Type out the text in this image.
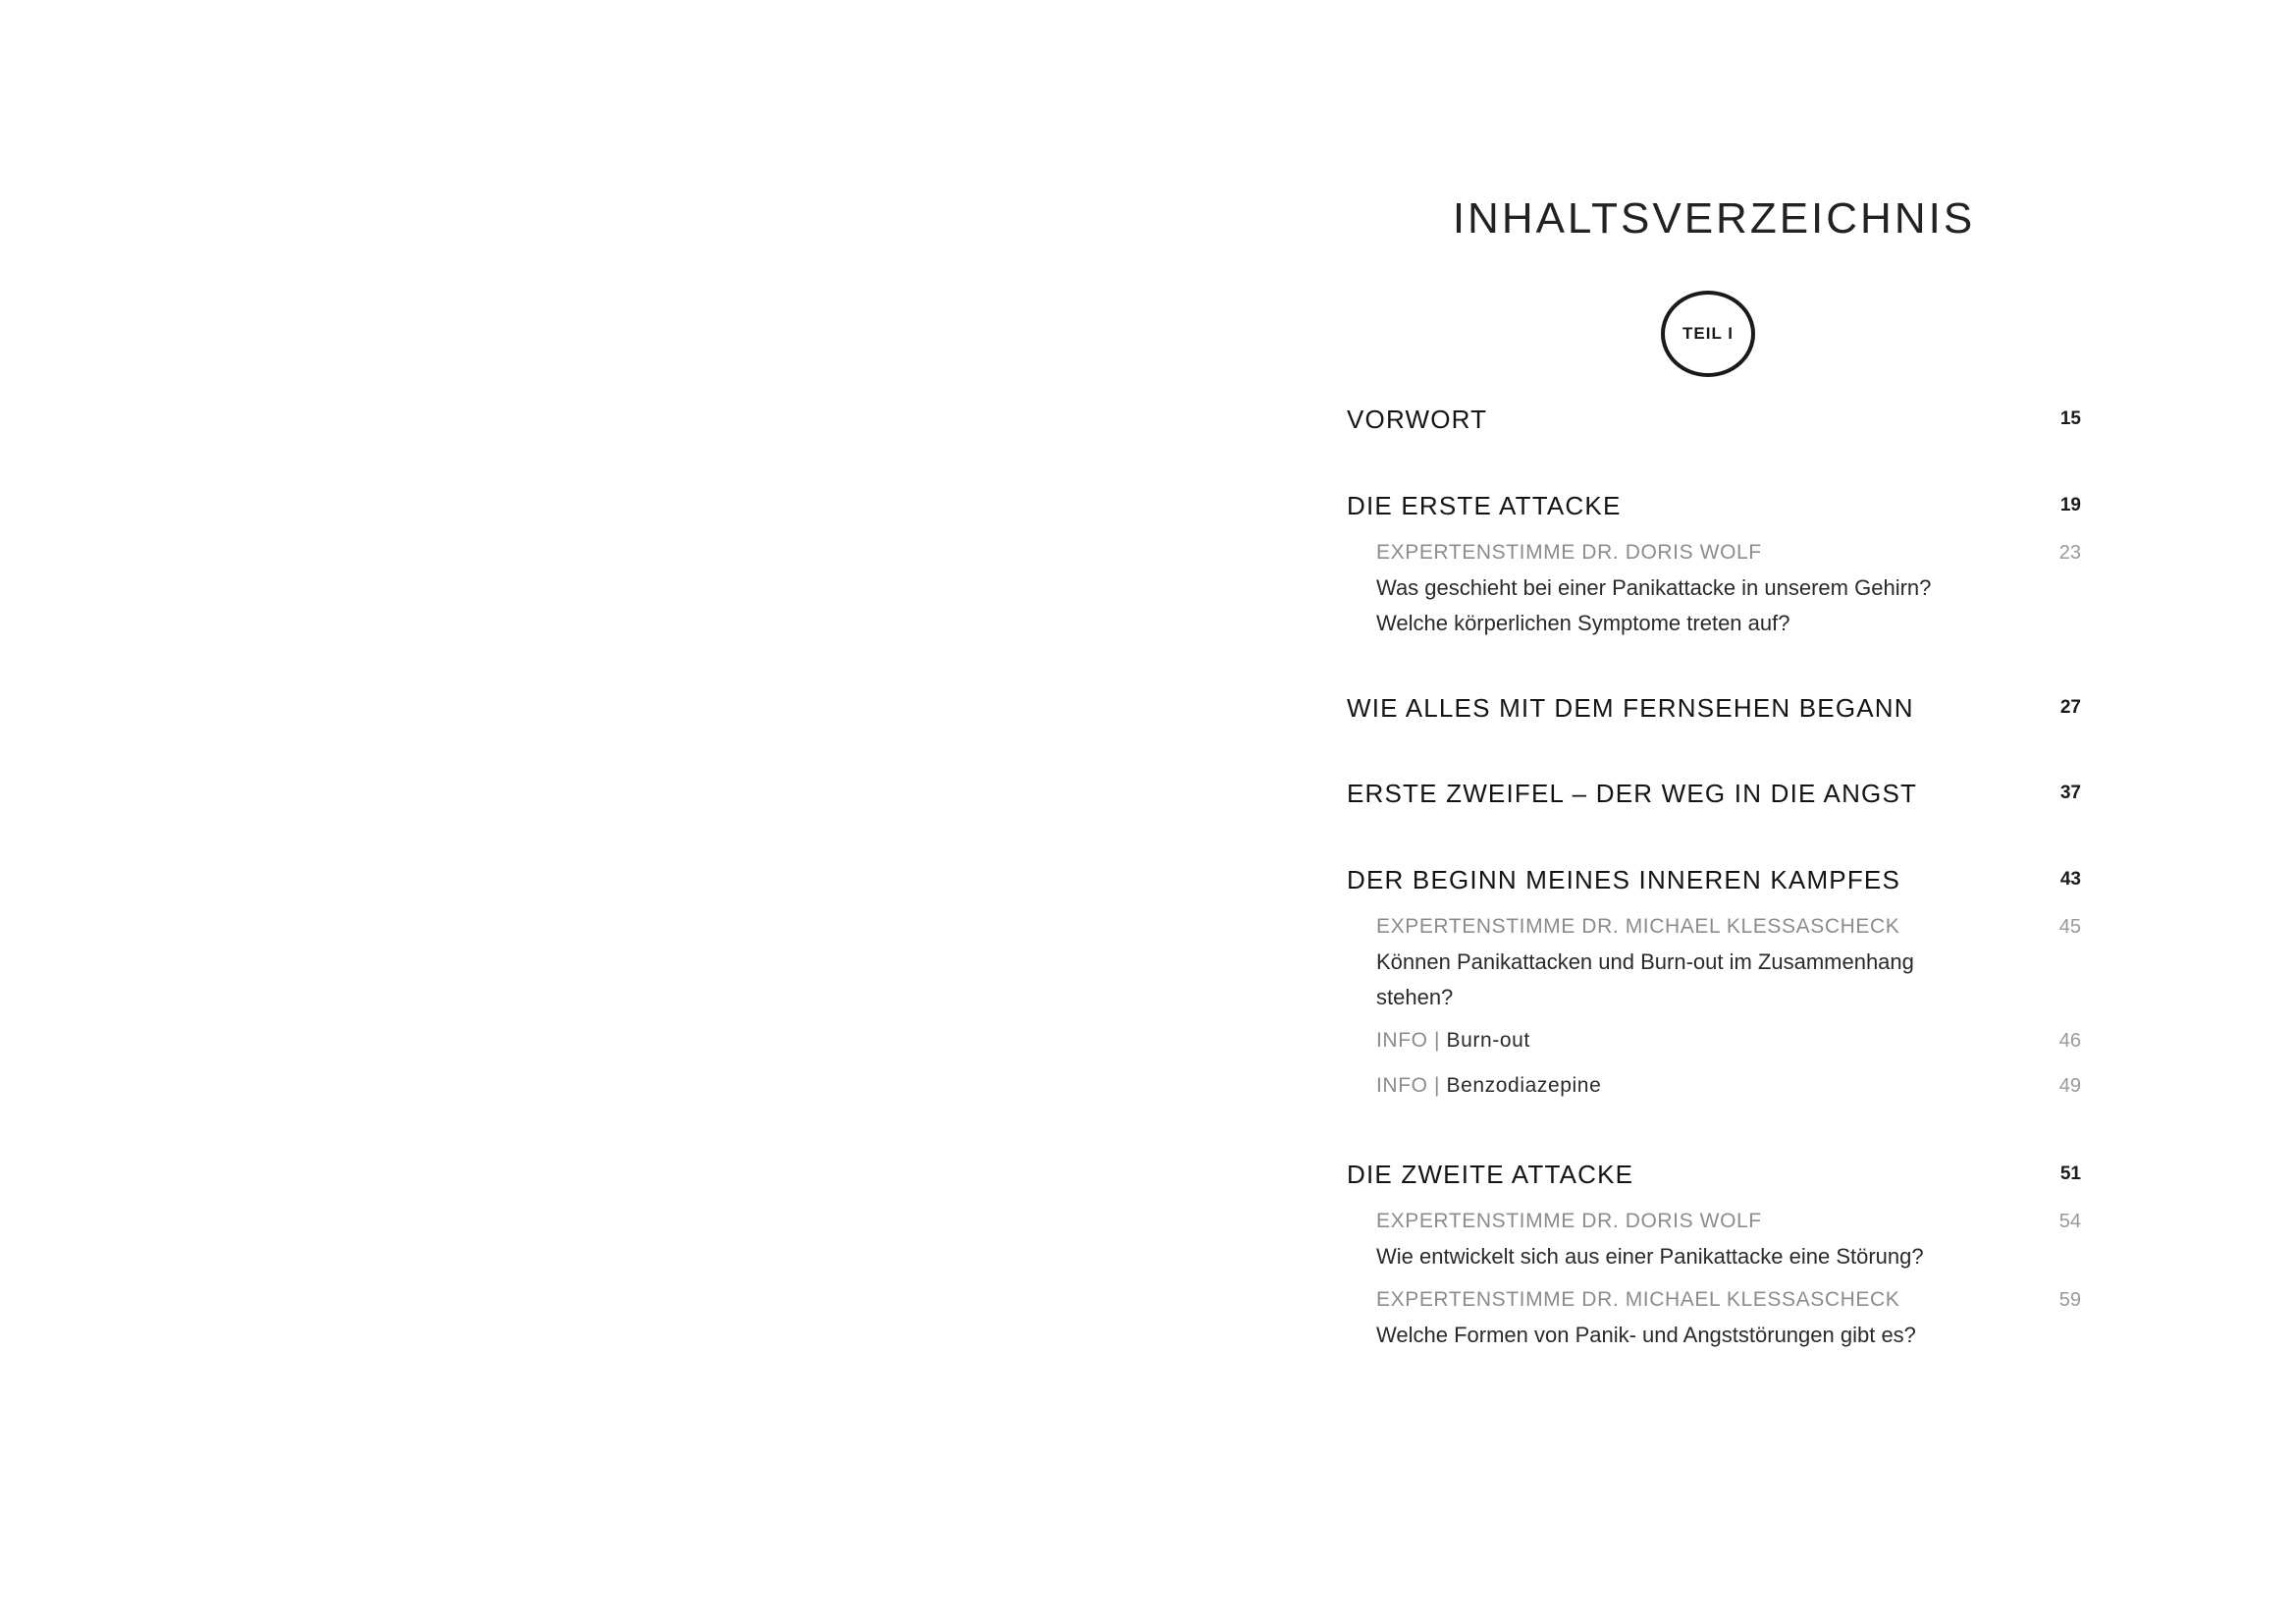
INHALTSVERZEICHNIS
TEIL I
VORWORT	15
DIE ERSTE ATTACKE	19
EXPERTENSTIMME DR. DORIS WOLF	23
Was geschieht bei einer Panikattacke in unserem Gehirn? Welche körperlichen Symptome treten auf?
WIE ALLES MIT DEM FERNSEHEN BEGANN	27
ERSTE ZWEIFEL – DER WEG IN DIE ANGST	37
DER BEGINN MEINES INNEREN KAMPFES	43
EXPERTENSTIMME DR. MICHAEL KLESSASCHECK	45
Können Panikattacken und Burn-out im Zusammenhang stehen?
INFO | Burn-out	46
INFO | Benzodiazepine	49
DIE ZWEITE ATTACKE	51
EXPERTENSTIMME DR. DORIS WOLF	54
Wie entwickelt sich aus einer Panikattacke eine Störung?
EXPERTENSTIMME DR. MICHAEL KLESSASCHECK	59
Welche Formen von Panik- und Angststörungen gibt es?
